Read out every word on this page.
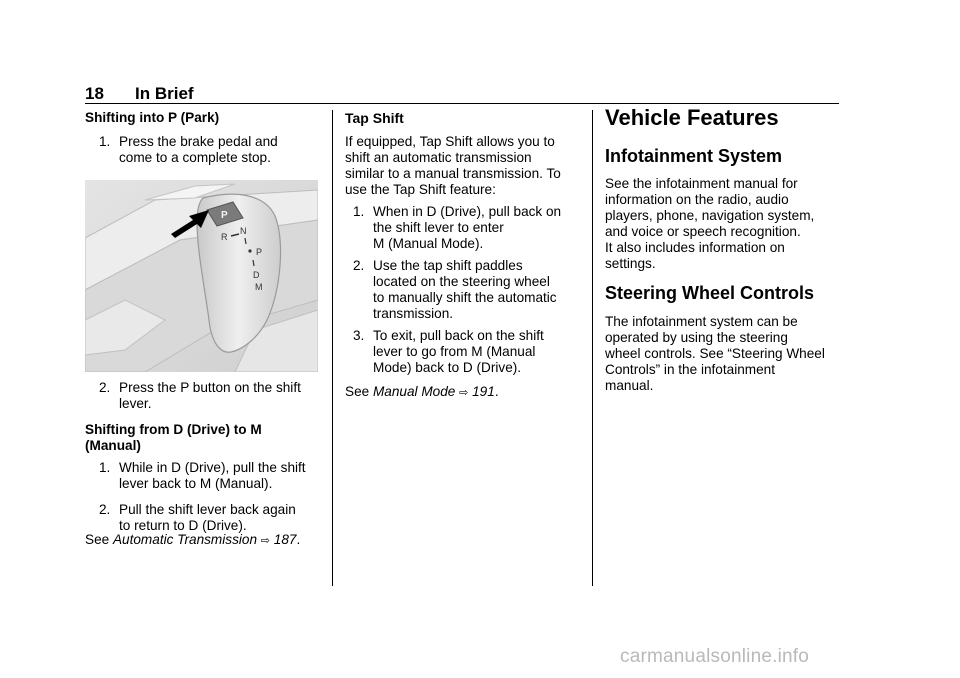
18 In Brief
Shifting into P (Park)
1. Press the brake pedal and
come to a complete stop.
2. Press the P button on the shift
lever.
Shifting from D (Drive) to M
(Manual)
1. While in D (Drive), pull the shift
lever back to M (Manual).
2. Pull the shift lever back again
to return to D (Drive).
See Automatic Transmission ⇨ 187.
P
R
N
P
D
M
Tap Shift
If equipped, Tap Shift allows you to
shift an automatic transmission
similar to a manual transmission. To
use the Tap Shift feature:
1. When in D (Drive), pull back on
the shift lever to enter
M (Manual Mode).
2. Use the tap shift paddles
located on the steering wheel
to manually shift the automatic
transmission.
3. To exit, pull back on the shift
lever to go from M (Manual
Mode) back to D (Drive).
See Manual Mode ⇨ 191.
Vehicle Features
Infotainment System
See the infotainment manual for
information on the radio, audio
players, phone, navigation system,
and voice or speech recognition.
It also includes information on
settings.
Steering Wheel Controls
The infotainment system can be
operated by using the steering
wheel controls. See “Steering Wheel
Controls” in the infotainment
manual.
carmanualsonline.info
